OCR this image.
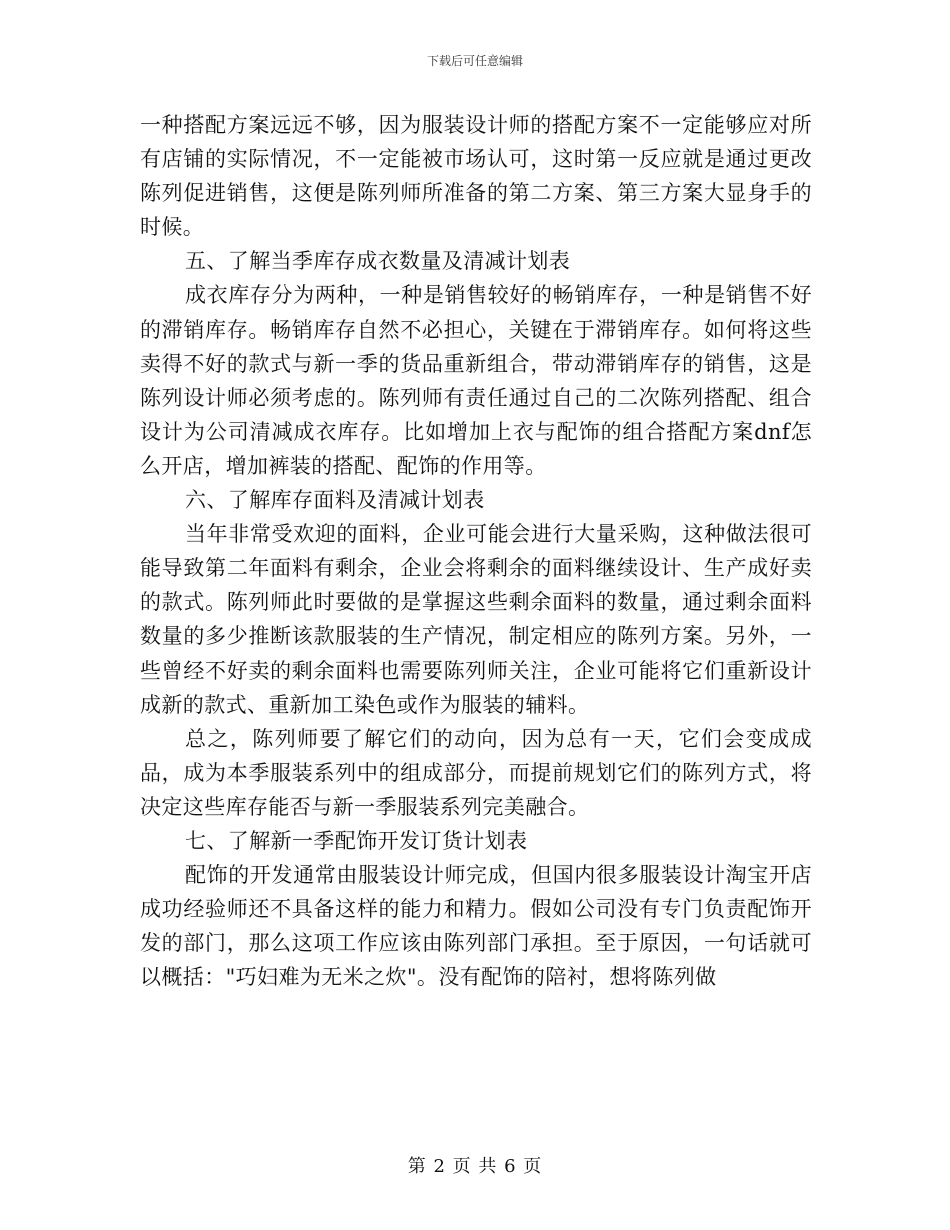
下载后可任意编辑

一种搭配方案远远不够，因为服装设计师的搭配方案不一定能够应对所有店铺的实际情况，不一定能被市场认可，这时第一反应就是通过更改陈列促进销售，这便是陈列师所准备的第二方案、第三方案大显身手的时候。

五、了解当季库存成衣数量及清减计划表

成衣库存分为两种，一种是销售较好的畅销库存，一种是销售不好的滞销库存。畅销库存自然不必担心，关键在于滞销库存。如何将这些卖得不好的款式与新一季的货品重新组合，带动滞销库存的销售，这是陈列设计师必须考虑的。陈列师有责任通过自己的二次陈列搭配、组合设计为公司清减成衣库存。比如增加上衣与配饰的组合搭配方案dnf怎么开店，增加裤装的搭配、配饰的作用等。

六、了解库存面料及清减计划表

当年非常受欢迎的面料，企业可能会进行大量采购，这种做法很可能导致第二年面料有剩余，企业会将剩余的面料继续设计、生产成好卖的款式。陈列师此时要做的是掌握这些剩余面料的数量，通过剩余面料数量的多少推断该款服装的生产情况，制定相应的陈列方案。另外，一些曾经不好卖的剩余面料也需要陈列师关注，企业可能将它们重新设计成新的款式、重新加工染色或作为服装的辅料。

总之，陈列师要了解它们的动向，因为总有一天，它们会变成成品，成为本季服装系列中的组成部分，而提前规划它们的陈列方式，将决定这些库存能否与新一季服装系列完美融合。

七、了解新一季配饰开发订货计划表

配饰的开发通常由服装设计师完成，但国内很多服装设计淘宝开店成功经验师还不具备这样的能力和精力。假如公司没有专门负责配饰开发的部门，那么这项工作应该由陈列部门承担。至于原因，一句话就可以概括："巧妇难为无米之炊"。没有配饰的陪衬，想将陈列做

第 2 页 共 6 页
